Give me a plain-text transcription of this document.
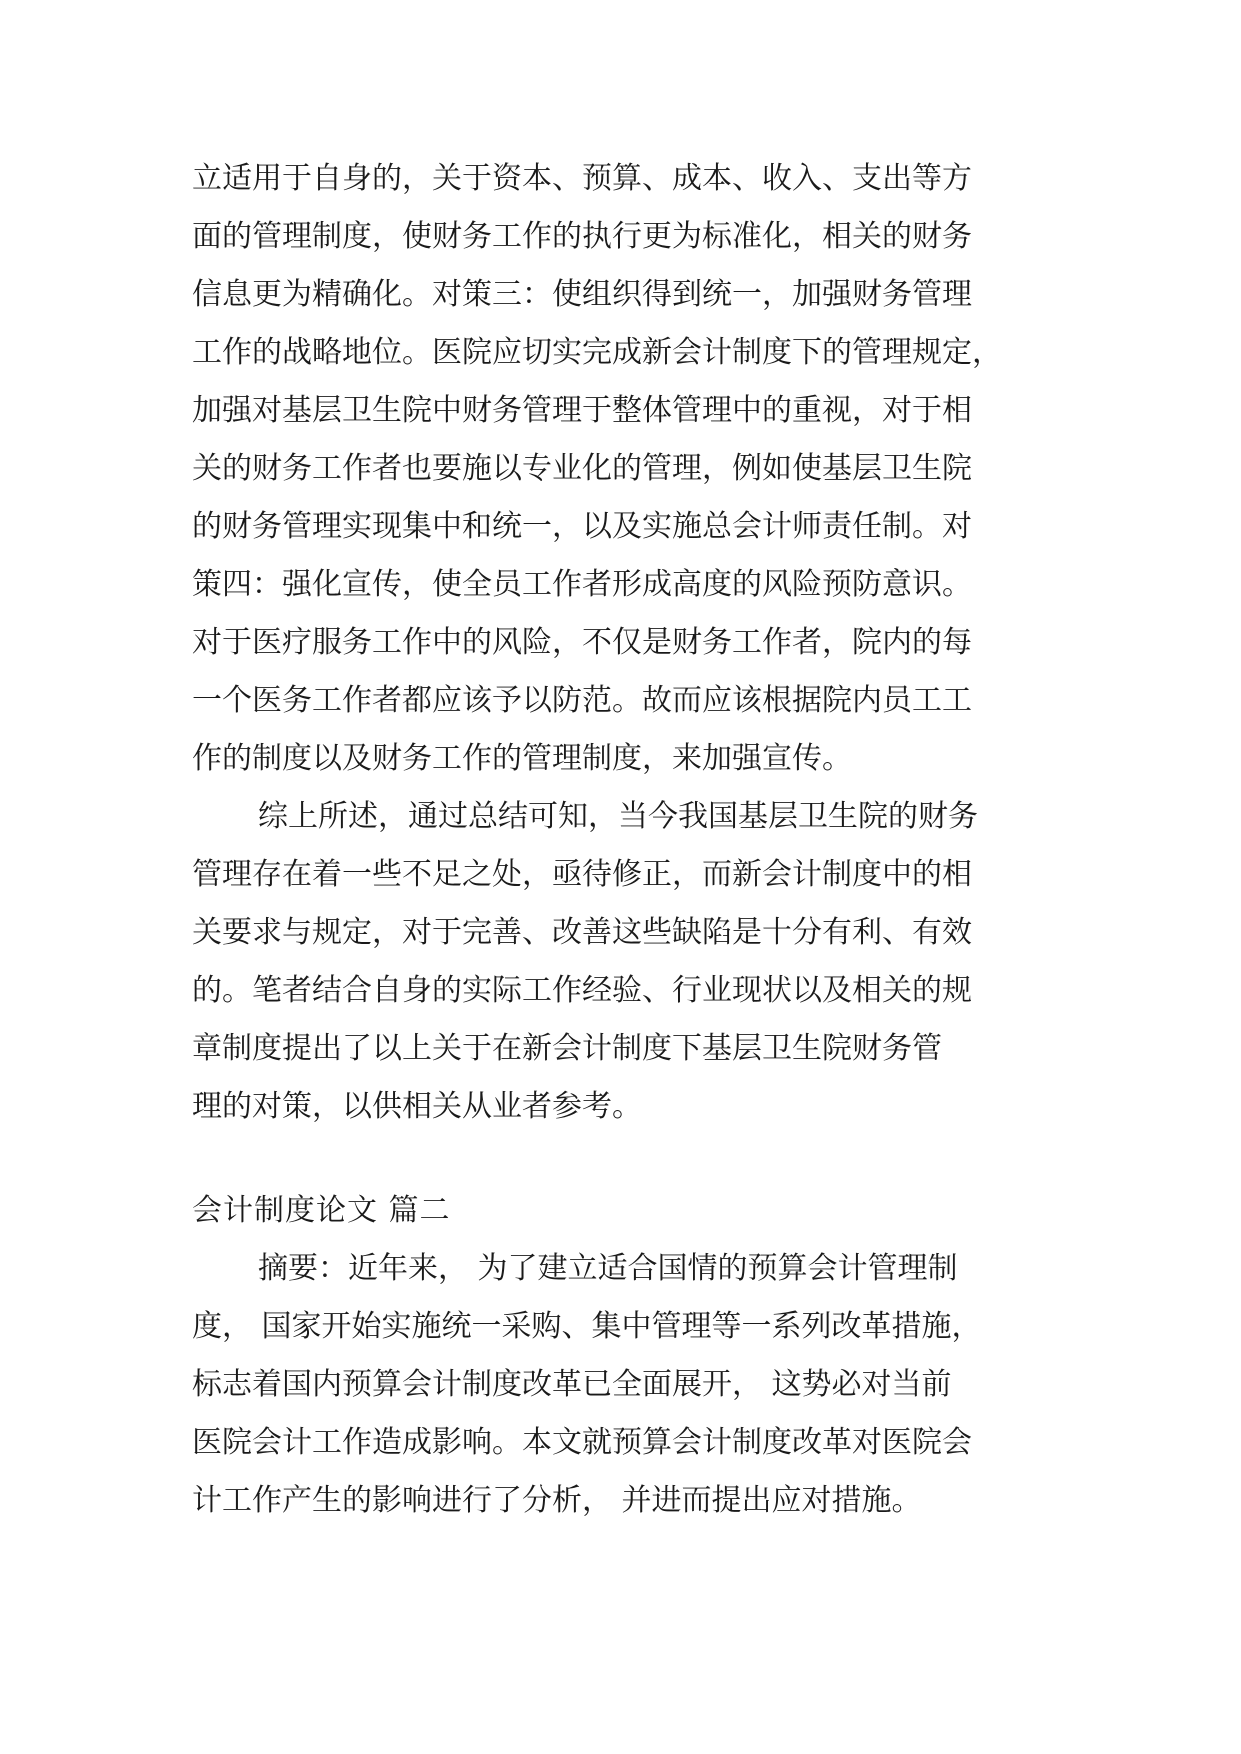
立适用于自身的，关于资本、预算、成本、收入、支出等方
面的管理制度，使财务工作的执行更为标准化，相关的财务
信息更为精确化。对策三：使组织得到统一，加强财务管理
工作的战略地位。医院应切实完成新会计制度下的管理规定，
加强对基层卫生院中财务管理于整体管理中的重视，对于相
关的财务工作者也要施以专业化的管理，例如使基层卫生院
的财务管理实现集中和统一，以及实施总会计师责任制。对
策四：强化宣传，使全员工作者形成高度的风险预防意识。
对于医疗服务工作中的风险，不仅是财务工作者，院内的每
一个医务工作者都应该予以防范。故而应该根据院内员工工
作的制度以及财务工作的管理制度，来加强宣传。
综上所述，通过总结可知，当今我国基层卫生院的财务
管理存在着一些不足之处，亟待修正，而新会计制度中的相
关要求与规定，对于完善、改善这些缺陷是十分有利、有效
的。笔者结合自身的实际工作经验、行业现状以及相关的规
章制度提出了以上关于在新会计制度下基层卫生院财务管
理的对策，以供相关从业者参考。
会计制度论文 篇二
摘要：近年来， 为了建立适合国情的预算会计管理制
度， 国家开始实施统一采购、集中管理等一系列改革措施，
标志着国内预算会计制度改革已全面展开， 这势必对当前
医院会计工作造成影响。本文就预算会计制度改革对医院会
计工作产生的影响进行了分析， 并进而提出应对措施。
